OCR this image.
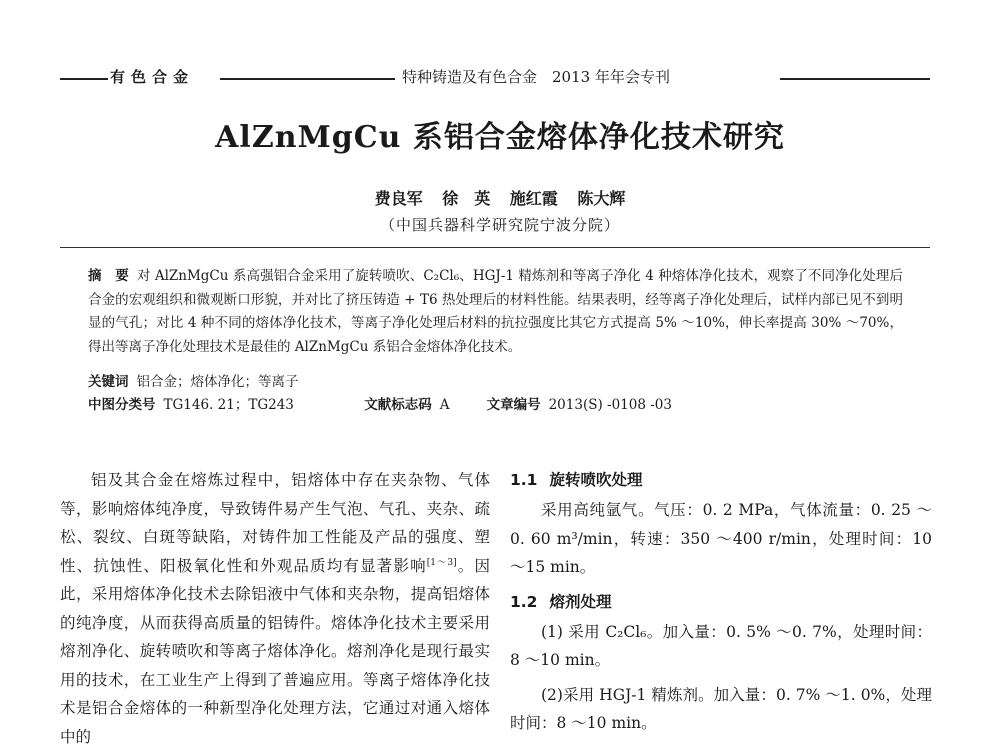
有色合金	特种铸造及有色合金　2013 年年会专刊
AlZnMgCu 系铝合金熔体净化技术研究
费良军 徐　英 施红霞 陈大辉
（中国兵器科学研究院宁波分院）
摘　要 对 AlZnMgCu 系高强铝合金采用了旋转喷吹、C₂Cl₆、HGJ-1 精炼剂和等离子净化 4 种熔体净化技术，观察了不同净化处理后合金的宏观组织和微观断口形貌，并对比了挤压铸造 + T6 热处理后的材料性能。结果表明，经等离子净化处理后，试样内部已见不到明显的气孔；对比 4 种不同的熔体净化技术，等离子净化处理后材料的抗拉强度比其它方式提高 5% ～10%，伸长率提高 30% ～70%，得出等离子净化处理技术是最佳的 AlZnMgCu 系铝合金熔体净化技术。
关键词 铝合金；熔体净化；等离子
中图分类号 TG146. 21；TG243	文献标志码 A	文章编号 2013(S) -0108 -03

铝及其合金在熔炼过程中，铝熔体中存在夹杂物、气体等，影响熔体纯净度，导致铸件易产生气泡、气孔、夹杂、疏松、裂纹、白斑等缺陷，对铸件加工性能及产品的强度、塑性、抗蚀性、阳极氧化性和外观品质均有显著影响[1～3]。因此，采用熔体净化技术去除铝液中气体和夹杂物，提高铝熔体的纯净度，从而获得高质量的铝铸件。熔体净化技术主要采用熔剂净化、旋转喷吹和等离子熔体净化。熔剂净化是现行最实用的技术，在工业生产上得到了普遍应用。等离子熔体净化技术是铝合金熔体的一种新型净化处理方法，它通过对通入熔体中的

1.1 旋转喷吹处理

采用高纯氩气。气压：0. 2 MPa，气体流量：0. 25 ～0. 60 m³/min，转速：350 ～400 r/min，处理时间：10 ～15 min。

1.2 熔剂处理

(1) 采用 C₂Cl₆。加入量：0. 5% ～0. 7%，处理时间：8 ～10 min。

(2)采用 HGJ-1 精炼剂。加入量：0. 7% ～1. 0%，处理时间：8 ～10 min。
